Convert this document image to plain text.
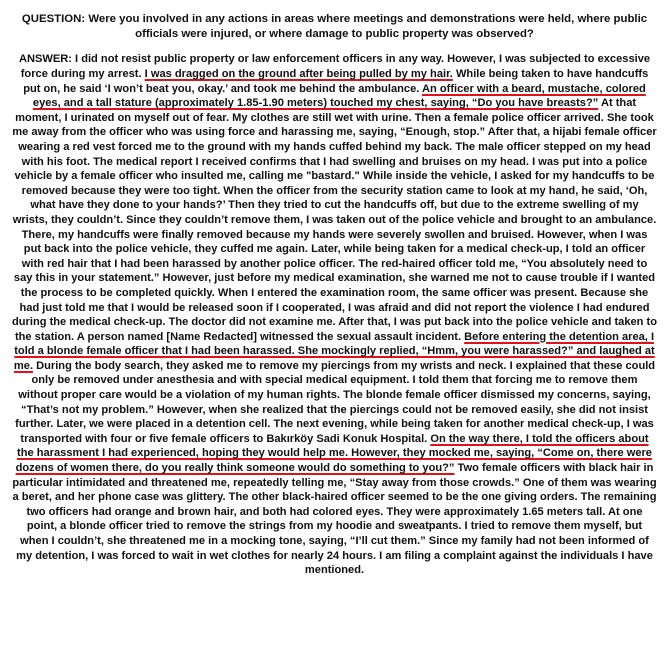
QUESTION: Were you involved in any actions in areas where meetings and demonstrations were held, where public officials were injured, or where damage to public property was observed?

ANSWER: I did not resist public property or law enforcement officers in any way. However, I was subjected to excessive force during my arrest. I was dragged on the ground after being pulled by my hair. While being taken to have handcuffs put on, he said ‘I won’t beat you, okay.’ and took me behind the ambulance. An officer with a beard, mustache, colored eyes, and a tall stature (approximately 1.85-1.90 meters) touched my chest, saying, “Do you have breasts?” At that moment, I urinated on myself out of fear. My clothes are still wet with urine. Then a female police officer arrived. She took me away from the officer who was using force and harassing me, saying, “Enough, stop.” After that, a hijabi female officer wearing a red vest forced me to the ground with my hands cuffed behind my back. The male officer stepped on my head with his foot. The medical report I received confirms that I had swelling and bruises on my head. I was put into a police vehicle by a female officer who insulted me, calling me "bastard." While inside the vehicle, I asked for my handcuffs to be removed because they were too tight. When the officer from the security station came to look at my hand, he said, ‘Oh, what have they done to your hands?’ Then they tried to cut the handcuffs off, but due to the extreme swelling of my wrists, they couldn’t. Since they couldn’t remove them, I was taken out of the police vehicle and brought to an ambulance. There, my handcuffs were finally removed because my hands were severely swollen and bruised. However, when I was put back into the police vehicle, they cuffed me again. Later, while being taken for a medical check-up, I told an officer with red hair that I had been harassed by another police officer. The red-haired officer told me, “You absolutely need to say this in your statement.” However, just before my medical examination, she warned me not to cause trouble if I wanted the process to be completed quickly. When I entered the examination room, the same officer was present. Because she had just told me that I would be released soon if I cooperated, I was afraid and did not report the violence I had endured during the medical check-up. The doctor did not examine me. After that, I was put back into the police vehicle and taken to the station. A person named [Name Redacted] witnessed the sexual assault incident. Before entering the detention area, I told a blonde female officer that I had been harassed. She mockingly replied, “Hmm, you were harassed?” and laughed at me. During the body search, they asked me to remove my piercings from my wrists and neck. I explained that these could only be removed under anesthesia and with special medical equipment. I told them that forcing me to remove them without proper care would be a violation of my human rights. The blonde female officer dismissed my concerns, saying, “That’s not my problem.” However, when she realized that the piercings could not be removed easily, she did not insist further. Later, we were placed in a detention cell. The next evening, while being taken for another medical check-up, I was transported with four or five female officers to Bakırköy Sadi Konuk Hospital. On the way there, I told the officers about the harassment I had experienced, hoping they would help me. However, they mocked me, saying, “Come on, there were dozens of women there, do you really think someone would do something to you?” Two female officers with black hair in particular intimidated and threatened me, repeatedly telling me, “Stay away from those crowds.” One of them was wearing a beret, and her phone case was glittery. The other black-haired officer seemed to be the one giving orders. The remaining two officers had orange and brown hair, and both had colored eyes. They were approximately 1.65 meters tall. At one point, a blonde officer tried to remove the strings from my hoodie and sweatpants. I tried to remove them myself, but when I couldn’t, she threatened me in a mocking tone, saying, “I’ll cut them.” Since my family had not been informed of my detention, I was forced to wait in wet clothes for nearly 24 hours. I am filing a complaint against the individuals I have mentioned.
